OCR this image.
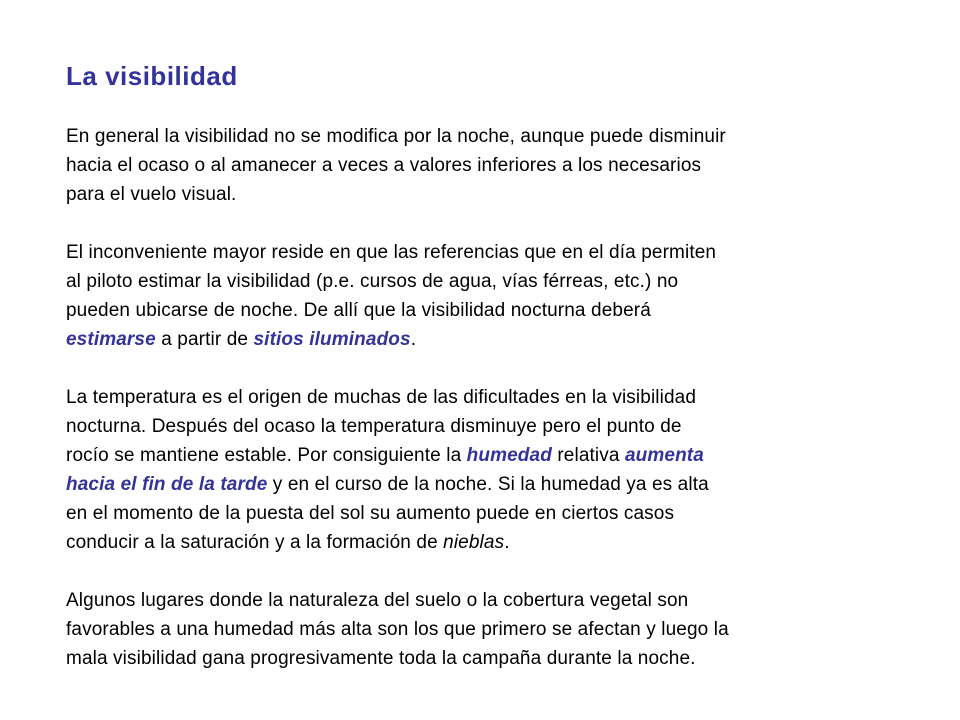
La visibilidad

En general la visibilidad no se modifica por la noche, aunque puede disminuir
hacia el ocaso o al amanecer a veces a valores inferiores a los necesarios
para el vuelo visual.

El inconveniente mayor reside en que las referencias que en el día permiten
al piloto estimar la visibilidad (p.e. cursos de agua, vías férreas, etc.) no
pueden ubicarse de noche. De allí que la visibilidad nocturna deberá
estimarse a partir de sitios iluminados.

La temperatura es el origen de muchas de las dificultades en la visibilidad
nocturna. Después del ocaso la temperatura disminuye pero el punto de
rocío se mantiene estable. Por consiguiente la humedad relativa aumenta
hacia el fin de la tarde y en el curso de la noche. Si la humedad ya es alta
en el momento de la puesta del sol su aumento puede en ciertos casos
conducir a la saturación y a la formación de nieblas.

Algunos lugares donde la naturaleza del suelo o la cobertura vegetal son
favorables a una humedad más alta son los que primero se afectan y luego la
mala visibilidad gana progresivamente toda la campaña durante la noche.
